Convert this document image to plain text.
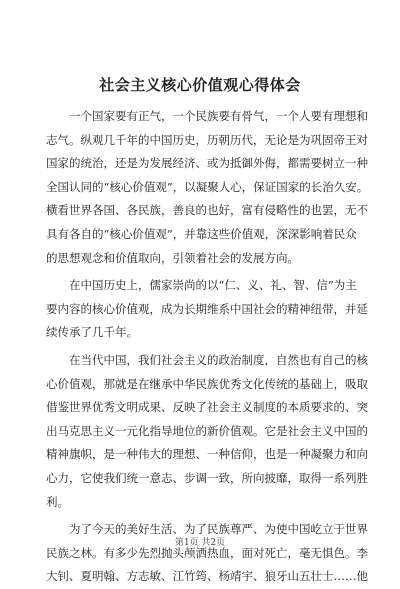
社会主义核心价值观心得体会

一个国家要有正气，一个民族要有骨气，一个人要有理想和
志气。纵观几千年的中国历史，历朝历代，无论是为巩固帝王对
国家的统治，还是为发展经济、或为抵御外侮，都需要树立一种
全国认同的“核心价值观”，以凝聚人心，保证国家的长治久安。
横看世界各国、各民族，善良的也好，富有侵略性的也罢，无不
具有各自的“核心价值观”，并靠这些价值观，深深影响着民众
的思想观念和价值取向，引领着社会的发展方向。

在中国历史上，儒家崇尚的以“仁、义、礼、智、信”为主
要内容的核心价值观，成为长期维系中国社会的精神纽带，并延
续传承了几千年。

在当代中国，我们社会主义的政治制度，自然也有自己的核
心价值观，那就是在继承中华民族优秀文化传统的基础上，吸取
借鉴世界优秀文明成果、反映了社会主义制度的本质要求的、突
出马克思主义一元化指导地位的新价值观。它是社会主义中国的
精神旗帜，是一种伟大的理想、一种信仰，也是一种凝聚力和向
心力，它使我们统一意志、步调一致，所向披靡，取得一系列胜
利。

为了今天的美好生活、为了民族尊严、为使中国屹立于世界
民族之林。有多少先烈抛头颅洒热血，面对死亡，毫无惧色。李
大钊、夏明翰、方志敏、江竹筠、杨靖宇、狼牙山五壮士……他

第1页 共2页
